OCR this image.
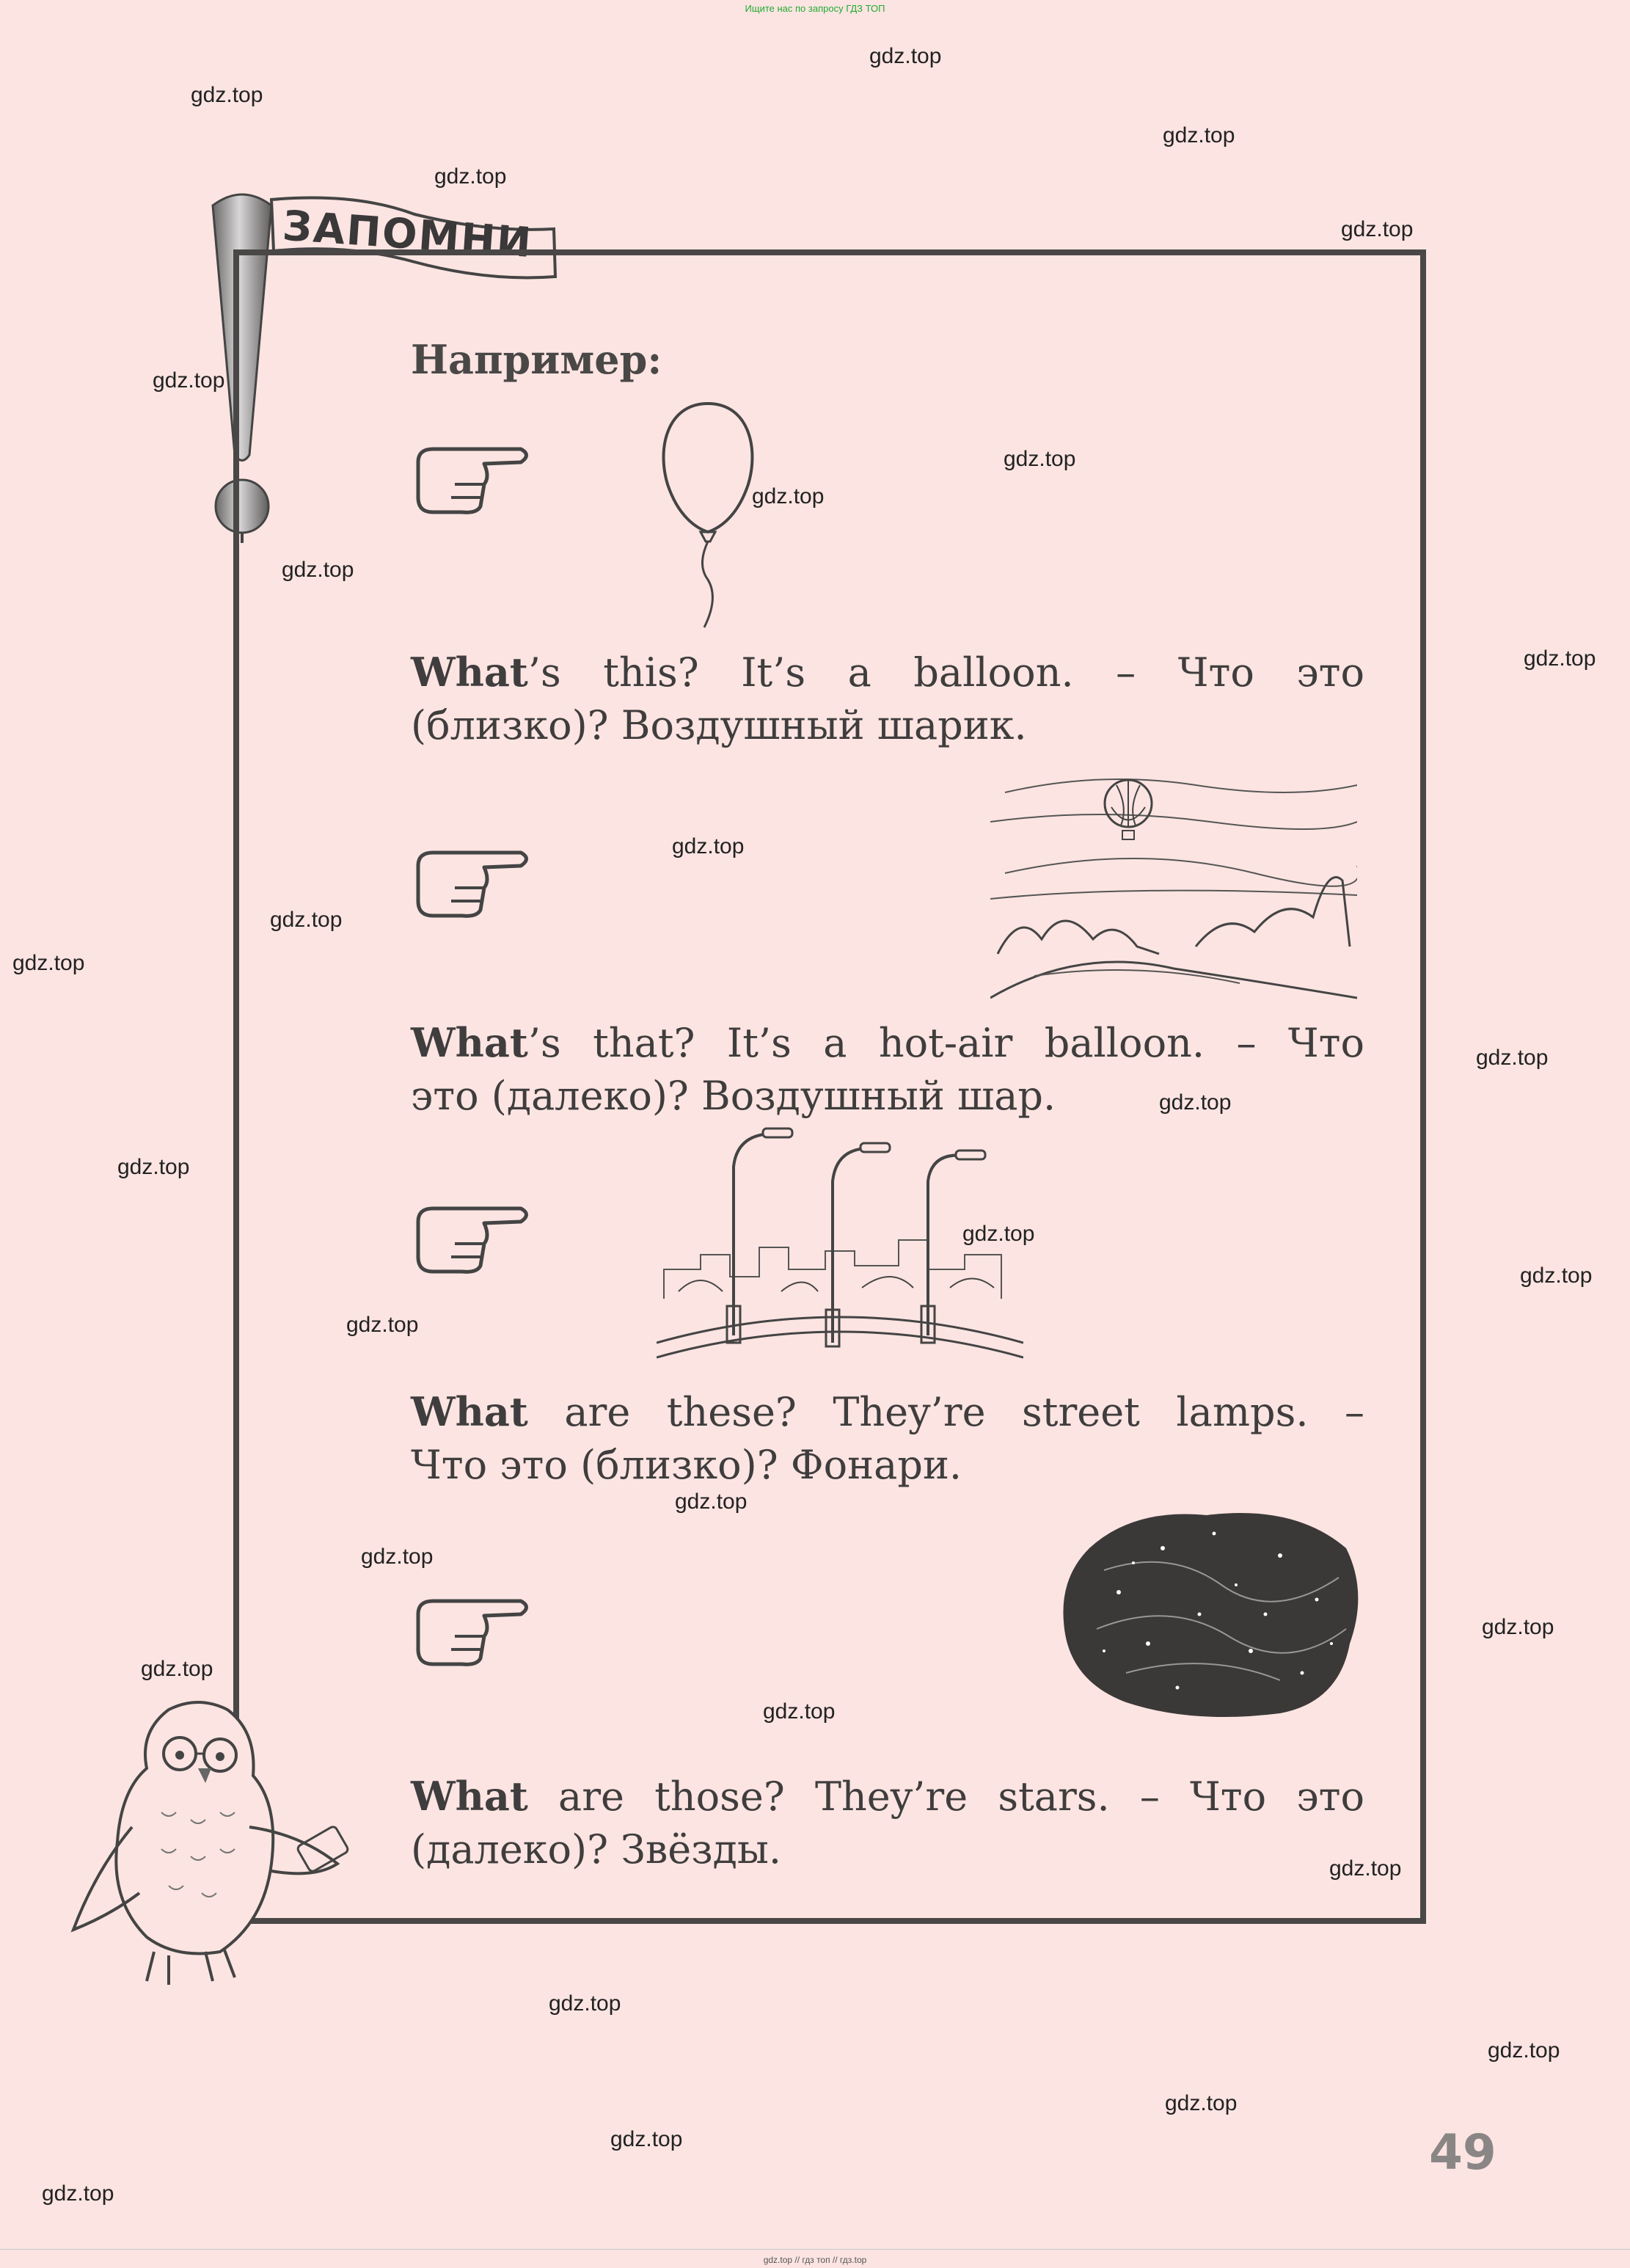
Ищите нас по запросу ГДЗ ТОП
ЗАПОМНИ
Например:
What’s this? It’s a balloon. – Что это
(близко)? Воздушный шарик.
What’s that? It’s a hot-air balloon. – Что
это (далеко)? Воздушный шар.
What are these? They’re street lamps. –
Что это (близко)? Фонари.
What are those? They’re stars. – Что это
(далеко)? Звёзды.
49
gdz.top
gdz.top
gdz.top
gdz.top
gdz.top
gdz.top
gdz.top
gdz.top
gdz.top
gdz.top
gdz.top
gdz.top
gdz.top
gdz.top
gdz.top
gdz.top
gdz.top
gdz.top
gdz.top
gdz.top
gdz.top
gdz.top
gdz.top
gdz.top
gdz.top
gdz.top
gdz.top
gdz.top
gdz.top
gdz.top
gdz.top // гдз топ // гдз.top
